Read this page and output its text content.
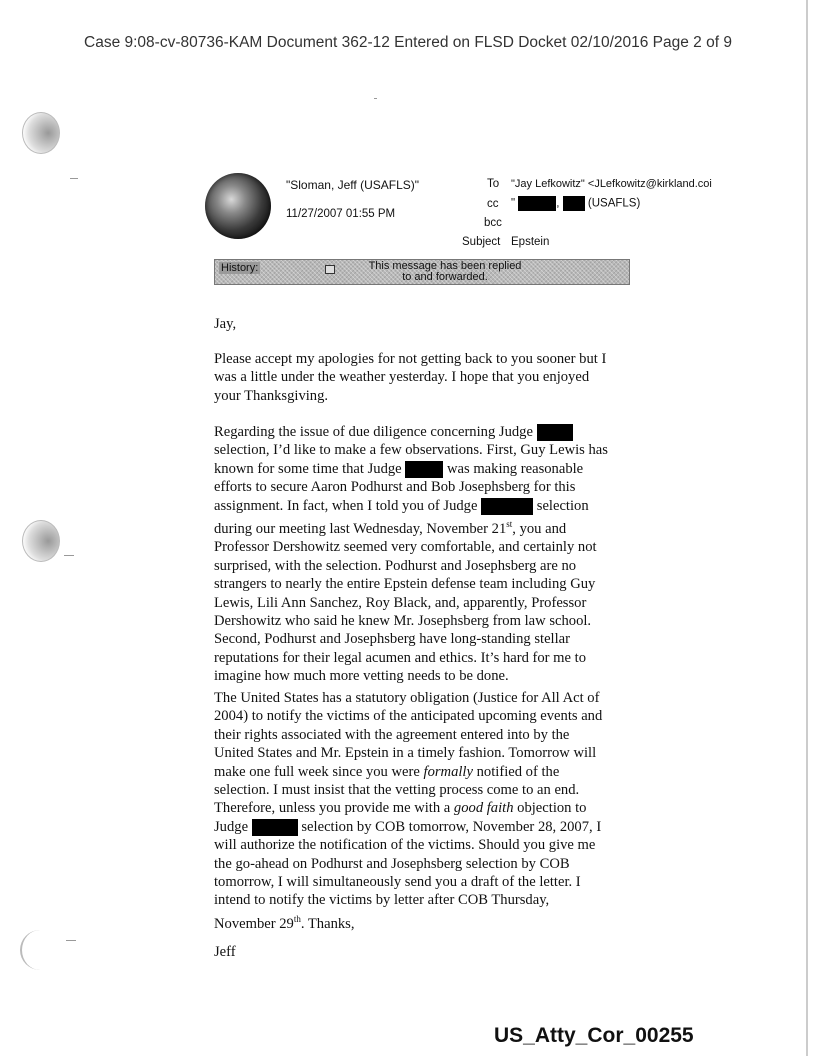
Case 9:08-cv-80736-KAM Document 362-12 Entered on FLSD Docket 02/10/2016 Page 2 of 9
"Sloman, Jeff (USAFLS)"
11/27/2007 01:55 PM
To "Jay Lefkowitz" <JLefkowitz@kirkland.coi
cc "	,  (USAFLS)
bcc
Subject Epstein
History:	This message has been replied
to and forwarded.
Jay,
Please accept my apologies for not getting back to you sooner but I
was a little under the weather yesterday. I hope that you enjoyed
your Thanksgiving.
Regarding the issue of due diligence concerning Judge
selection, I’d like to make a few observations. First, Guy Lewis has
known for some time that Judge	was making reasonable
efforts to secure Aaron Podhurst and Bob Josephsberg for this
assignment. In fact, when I told you of Judge	selection
during our meeting last Wednesday, November 21st, you and
Professor Dershowitz seemed very comfortable, and certainly not
surprised, with the selection. Podhurst and Josephsberg are no
strangers to nearly the entire Epstein defense team including Guy
Lewis, Lili Ann Sanchez, Roy Black, and, apparently, Professor
Dershowitz who said he knew Mr. Josephsberg from law school.
Second, Podhurst and Josephsberg have long-standing stellar
reputations for their legal acumen and ethics. It’s hard for me to
imagine how much more vetting needs to be done.
The United States has a statutory obligation (Justice for All Act of
2004) to notify the victims of the anticipated upcoming events and
their rights associated with the agreement entered into by the
United States and Mr. Epstein in a timely fashion. Tomorrow will
make one full week since you were formally notified of the
selection. I must insist that the vetting process come to an end.
Therefore, unless you provide me with a good faith objection to
Judge	selection by COB tomorrow, November 28, 2007, I
will authorize the notification of the victims. Should you give me
the go-ahead on Podhurst and Josephsberg selection by COB
tomorrow, I will simultaneously send you a draft of the letter. I
intend to notify the victims by letter after COB Thursday,
November 29th. Thanks,
Jeff
US_Atty_Cor_00255
